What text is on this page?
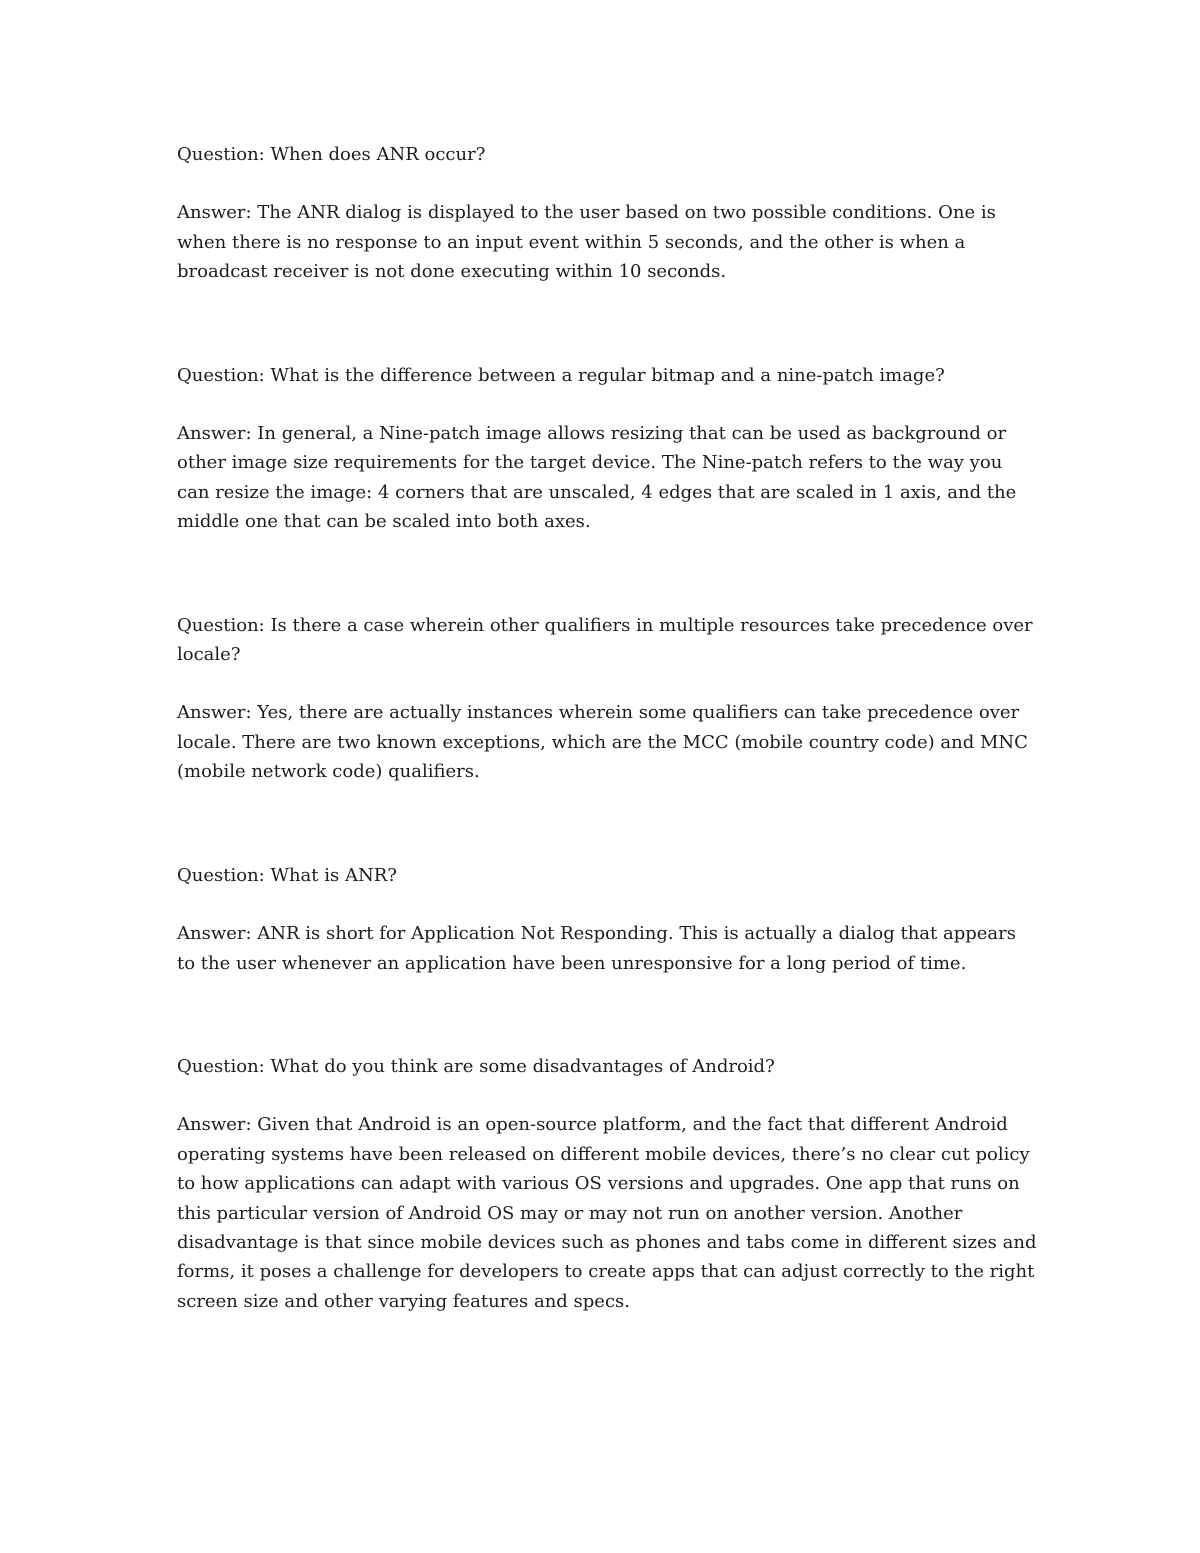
Question: When does ANR occur?

Answer: The ANR dialog is displayed to the user based on two possible conditions. One is when there is no response to an input event within 5 seconds, and the other is when a broadcast receiver is not done executing within 10 seconds.

Question: What is the difference between a regular bitmap and a nine-patch image?

Answer: In general, a Nine-patch image allows resizing that can be used as background or other image size requirements for the target device. The Nine-patch refers to the way you can resize the image: 4 corners that are unscaled, 4 edges that are scaled in 1 axis, and the middle one that can be scaled into both axes.

Question: Is there a case wherein other qualifiers in multiple resources take precedence over locale?

Answer: Yes, there are actually instances wherein some qualifiers can take precedence over locale. There are two known exceptions, which are the MCC (mobile country code) and MNC (mobile network code) qualifiers.

Question: What is ANR?

Answer: ANR is short for Application Not Responding. This is actually a dialog that appears to the user whenever an application have been unresponsive for a long period of time.

Question: What do you think are some disadvantages of Android?

Answer: Given that Android is an open-source platform, and the fact that different Android operating systems have been released on different mobile devices, there’s no clear cut policy to how applications can adapt with various OS versions and upgrades. One app that runs on this particular version of Android OS may or may not run on another version. Another disadvantage is that since mobile devices such as phones and tabs come in different sizes and forms, it poses a challenge for developers to create apps that can adjust correctly to the right screen size and other varying features and specs.
